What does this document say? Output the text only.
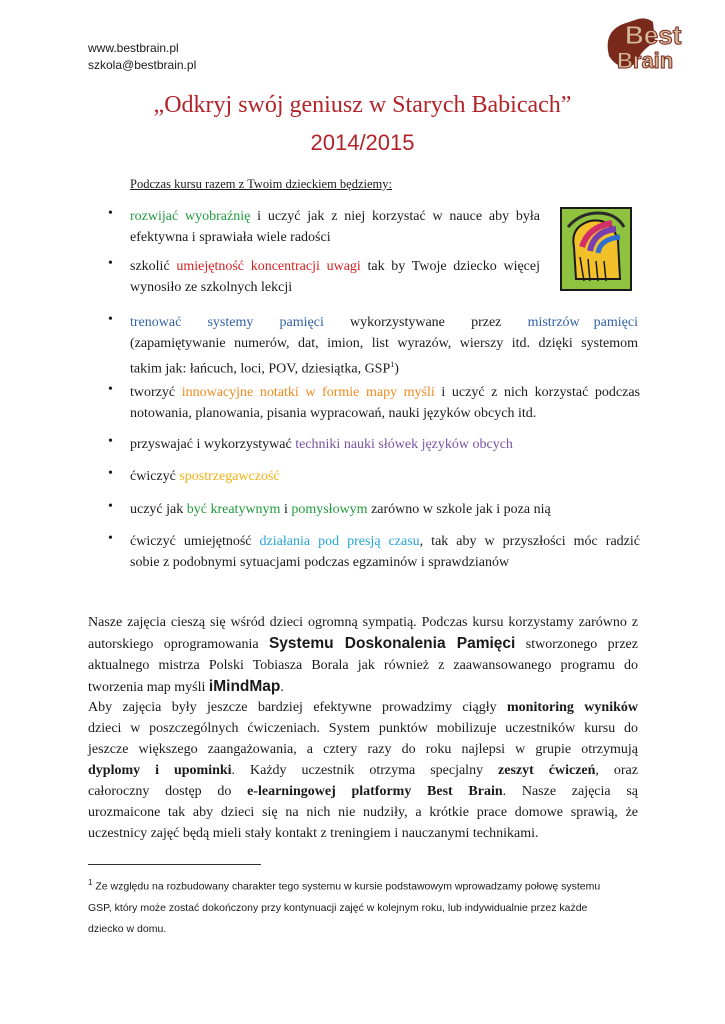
www.bestbrain.pl
szkola@bestbrain.pl
Best
Brain
„Odkryj swój geniusz w Starych Babicach”
2014/2015
Podczas kursu razem z Twoim dzieckiem będziemy:
• rozwijać wyobraźnię i uczyć jak z niej korzystać w nauce aby była
efektywna i sprawiała wiele radości
• szkolić umiejętność koncentracji uwagi tak by Twoje dziecko więcej
wynosiło ze szkolnych lekcji
• trenować systemy pamięci wykorzystywane przez mistrzów pamięci
(zapamiętywanie numerów, dat, imion, list wyrazów, wierszy itd. dzięki systemom
takim jak: łańcuch, loci, POV, dziesiątka, GSP$^1$)
• tworzyć innowacyjne notatki w formie mapy myśli i uczyć z nich korzystać podczas
notowania, planowania, pisania wypracowań, nauki języków obcych itd.
• przyswajać i wykorzystywać techniki nauki słówek języków obcych
• ćwiczyć spostrzegawczość
• uczyć jak być kreatywnym i pomysłowym zarówno w szkole jak i poza nią
• ćwiczyć umiejętność działania pod presją czasu, tak aby w przyszłości móc radzić
sobie z podobnymi sytuacjami podczas egzaminów i sprawdzianów
Nasze zajęcia cieszą się wśród dzieci ogromną sympatią. Podczas kursu korzystamy zarówno z
autorskiego oprogramowania Systemu Doskonalenia Pamięci stworzonego przez
aktualnego mistrza Polski Tobiasza Borala jak również z zaawansowanego programu do
tworzenia map myśli iMindMap.
Aby zajęcia były jeszcze bardziej efektywne prowadzimy ciągły monitoring wyników
dzieci w poszczególnych ćwiczeniach. System punktów mobilizuje uczestników kursu do
jeszcze większego zaangażowania, a cztery razy do roku najlepsi w grupie otrzymują
dyplomy i upominki. Każdy uczestnik otrzyma specjalny zeszyt ćwiczeń, oraz
całoroczny dostęp do e-learningowej platformy Best Brain. Nasze zajęcia są
urozmaicone tak aby dzieci się na nich nie nudziły, a krótkie prace domowe sprawią, że
uczestnicy zajęć będą mieli stały kontakt z treningiem i nauczanymi technikami.
$^1$ Ze względu na rozbudowany charakter tego systemu w kursie podstawowym wprowadzamy połowę systemu
GSP, który może zostać dokończony przy kontynuacji zajęć w kolejnym roku, lub indywidualnie przez każde
dziecko w domu.
